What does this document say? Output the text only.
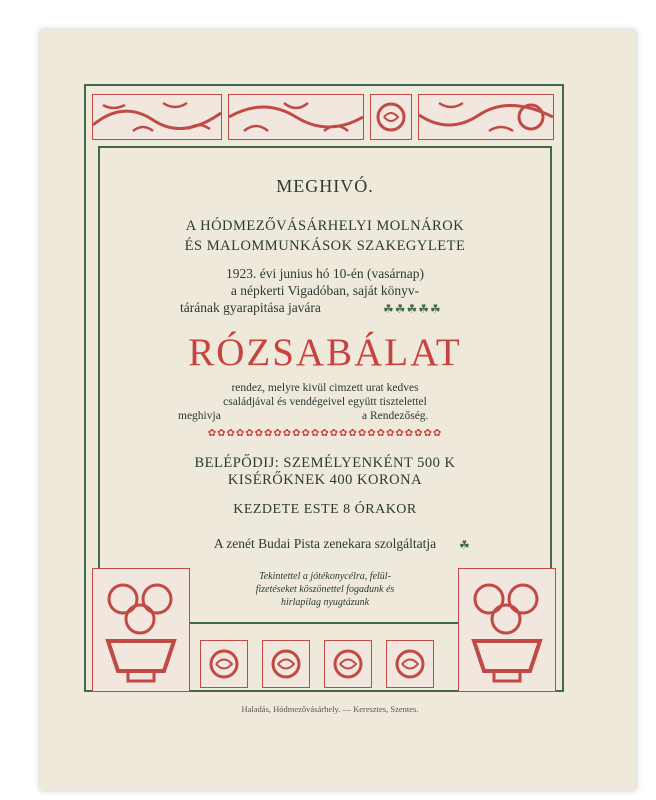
MEGHIVÓ.
A HÓDMEZŐVÁSÁRHELYI MOLNÁROK
ÉS MALOMMUNKÁSOK SZAKEGYLETE
1923. évi junius hó 10-én (vasárnap)
a népkerti Vigadóban, saját könyv-
tárának gyarapitása javára	☘☘☘☘☘
RÓZSABÁLAT
rendez, melyre kivül cimzett urat kedves
családjával és vendégeivel együtt tisztelettel
meghivja	a Rendezőség.
✿✿✿✿✿✿✿✿✿✿✿✿✿✿✿✿✿✿✿✿✿✿✿✿✿
BELÉPŐDIJ: SZEMÉLYENKÉNT 500 K
KISÉRŐKNEK 400 KORONA
KEZDETE ESTE 8 ÓRAKOR
A zenét Budai Pista zenekara szolgáltatja	☘
Tekintettel a jótékonycélra, felül-
fizetéseket köszönettel fogadunk és
hirlapilag nyugtázunk
Haladás, Hódmezővásárhely. — Keresztes, Szentes.
